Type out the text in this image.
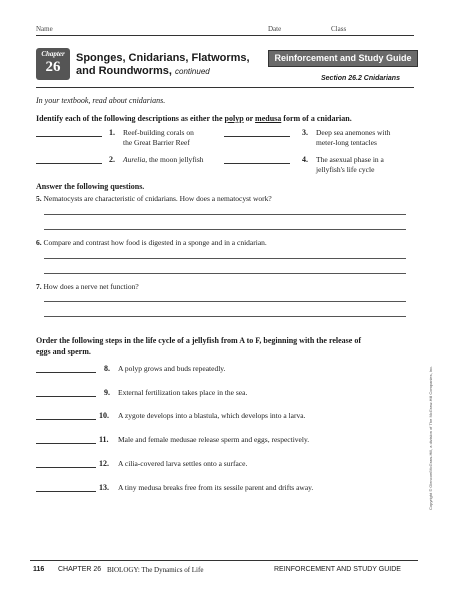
Name	Date	Class
Chapter
26
Sponges, Cnidarians, Flatworms,
and Roundworms, continued
Reinforcement and Study Guide
Section 26.2 Cnidarians
In your textbook, read about cnidarians.
Identify each of the following descriptions as either the polyp or medusa form of a cnidarian.
1. Reef-building corals on
the Great Barrier Reef
3. Deep sea anemones with
meter-long tentacles
2. Aurelia, the moon jellyfish	4. The asexual phase in a
jellyfish's life cycle
Answer the following questions.
5. Nematocysts are characteristic of cnidarians. How does a nematocyst work?
6. Compare and contrast how food is digested in a sponge and in a cnidarian.
7. How does a nerve net function?
Order the following steps in the life cycle of a jellyfish from A to F, beginning with the release of
eggs and sperm.
8. A polyp grows and buds repeatedly.
9. External fertilization takes place in the sea.
10. A zygote develops into a blastula, which develops into a larva.
11. Male and female medusae release sperm and eggs, respectively.
12. A cilia-covered larva settles onto a surface.
13. A tiny medusa breaks free from its sessile parent and drifts away.	Copyright © Glencoe/McGraw-Hill, a division of The McGraw-Hill Companies, Inc.
116 CHAPTER 26 BIOLOGY: The Dynamics of Life	REINFORCEMENT AND STUDY GUIDE
